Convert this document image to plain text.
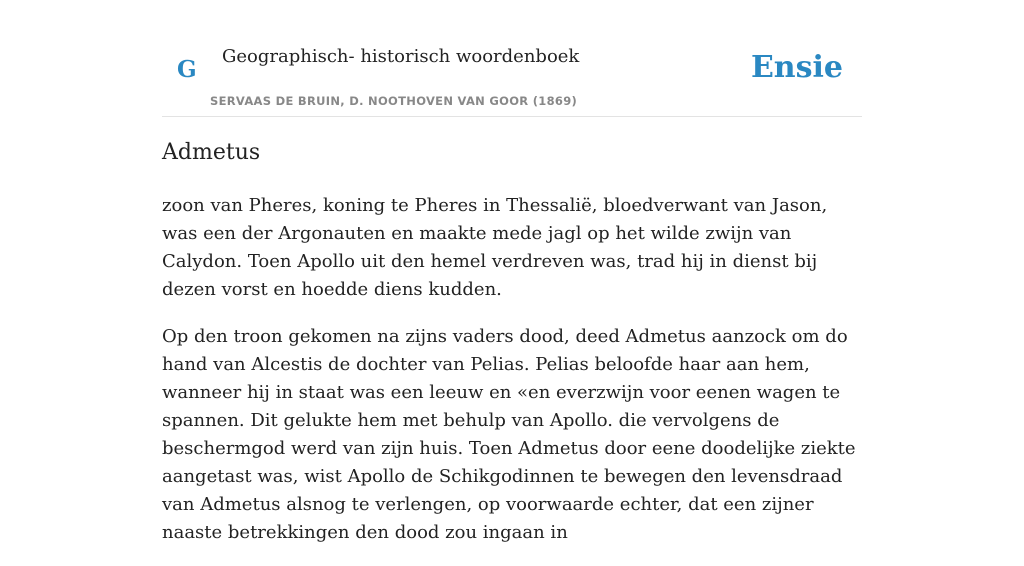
G Geographisch- historisch woordenboek
SERVAAS DE BRUIN, D. NOOTHOVEN VAN GOOR (1869)
Ensie
Admetus

zoon van Pheres, koning te Pheres in Thessalië, bloedverwant van Jason, was een der Argonauten en maakte mede jagl op het wilde zwijn van Calydon. Toen Apollo uit den hemel verdreven was, trad hij in dienst bij dezen vorst en hoedde diens kudden.

Op den troon gekomen na zijns vaders dood, deed Admetus aanzock om do hand van Alcestis de dochter van Pelias. Pelias beloofde haar aan hem, wanneer hij in staat was een leeuw en «en everzwijn voor eenen wagen te spannen. Dit gelukte hem met behulp van Apollo. die vervolgens de beschermgod werd van zijn huis. Toen Admetus door eene doodelijke ziekte aangetast was, wist Apollo de Schikgodinnen te bewegen den levensdraad van Admetus alsnog te verlengen, op voorwaarde echter, dat een zijner naaste betrekkingen den dood zou ingaan in
